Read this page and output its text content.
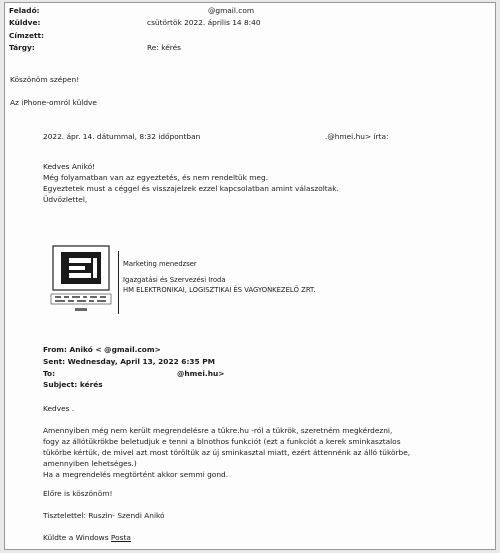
Feladó:	@gmail.com
Küldve:	csütörtök 2022. április 14 8:40
Címzett:
Tárgy:	Re: kérés
Köszönöm szépen!
Az iPhone-omról küldve
2022. ápr. 14. dátummal, 8:32 időpontban	.@hmei.hu> írta:
Kedves Anikó!
Még folyamatban van az egyeztetés, és nem rendeltük meg.
Egyeztetek must a céggel és visszajelzek ezzel kapcsolatban amint válaszoltak.
Üdvözlettel,
Marketing menedzser
Igazgatási és Szervezési Iroda
HM ELEKTRONIKAI, LOGISZTIKAI ÉS VAGYONKEZELŐ ZRT.
From: Anikó < @gmail.com>
Sent: Wednesday, April 13, 2022 6:35 PM
To:	@hmei.hu>
Subject: kérés
Kedves .
Amennyiben még nem került megrendelésre a tükre.hu -ról a tükrök, szeretném megkérdezni,
fogy az állótükrökbe beletudjuk e tenni a blnothos funkciót (ezt a funkciót a kerek sminkasztalos
tükörbe kértük, de mivel azt most töröltük az új sminkasztal miatt, ezért áttennénk az álló tükörbe,
amennyiben lehetséges.)
Ha a megrendelés megtörtént akkor semmi gond.
Előre is köszönöm!
Tisztelettel: Ruszin- Szendi Anikó
Küldte a Windows Posta
